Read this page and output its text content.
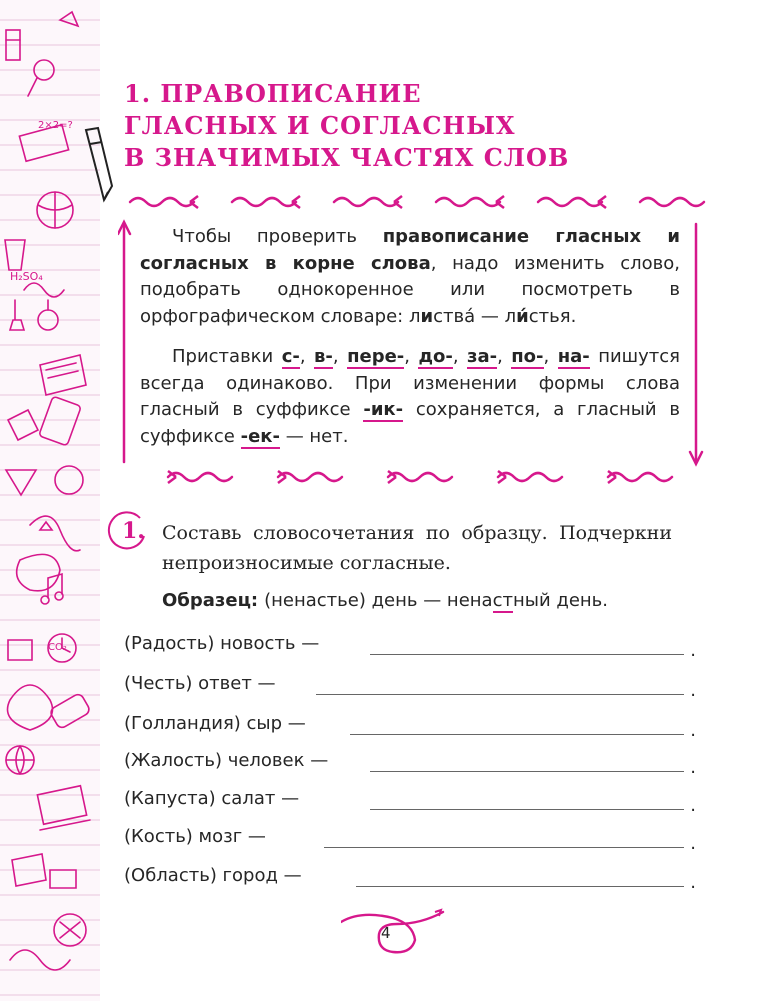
H₂SO₄
2×2=?
CO₂
1. ПРАВОПИСАНИЕ
ГЛАСНЫХ И СОГЛАСНЫХ
В ЗНАЧИМЫХ ЧАСТЯХ СЛОВ

Чтобы проверить правописание гласных и согласных в корне слова, надо изменить слово, подобрать однокоренное или посмотреть в орфографическом словаре: листва́ — ли́стья.

Приставки с-, в-, пере-, до-, за-, по-, на- пишутся всегда одинаково. При изменении формы слова гласный в суффиксе -ик- сохраняется, а гласный в суффиксе -ек- — нет.

1. Составь словосочетания по образцу. Подчеркни непроизносимые согласные.
Образец: (ненастье) день — ненастный день.
(Радость) новость —	.
(Честь) ответ —	.
(Голландия) сыр —	.
(Жалость) человек —	.
(Капуста) салат —	.
(Кость) мозг —	.
(Область) город —	.
4
